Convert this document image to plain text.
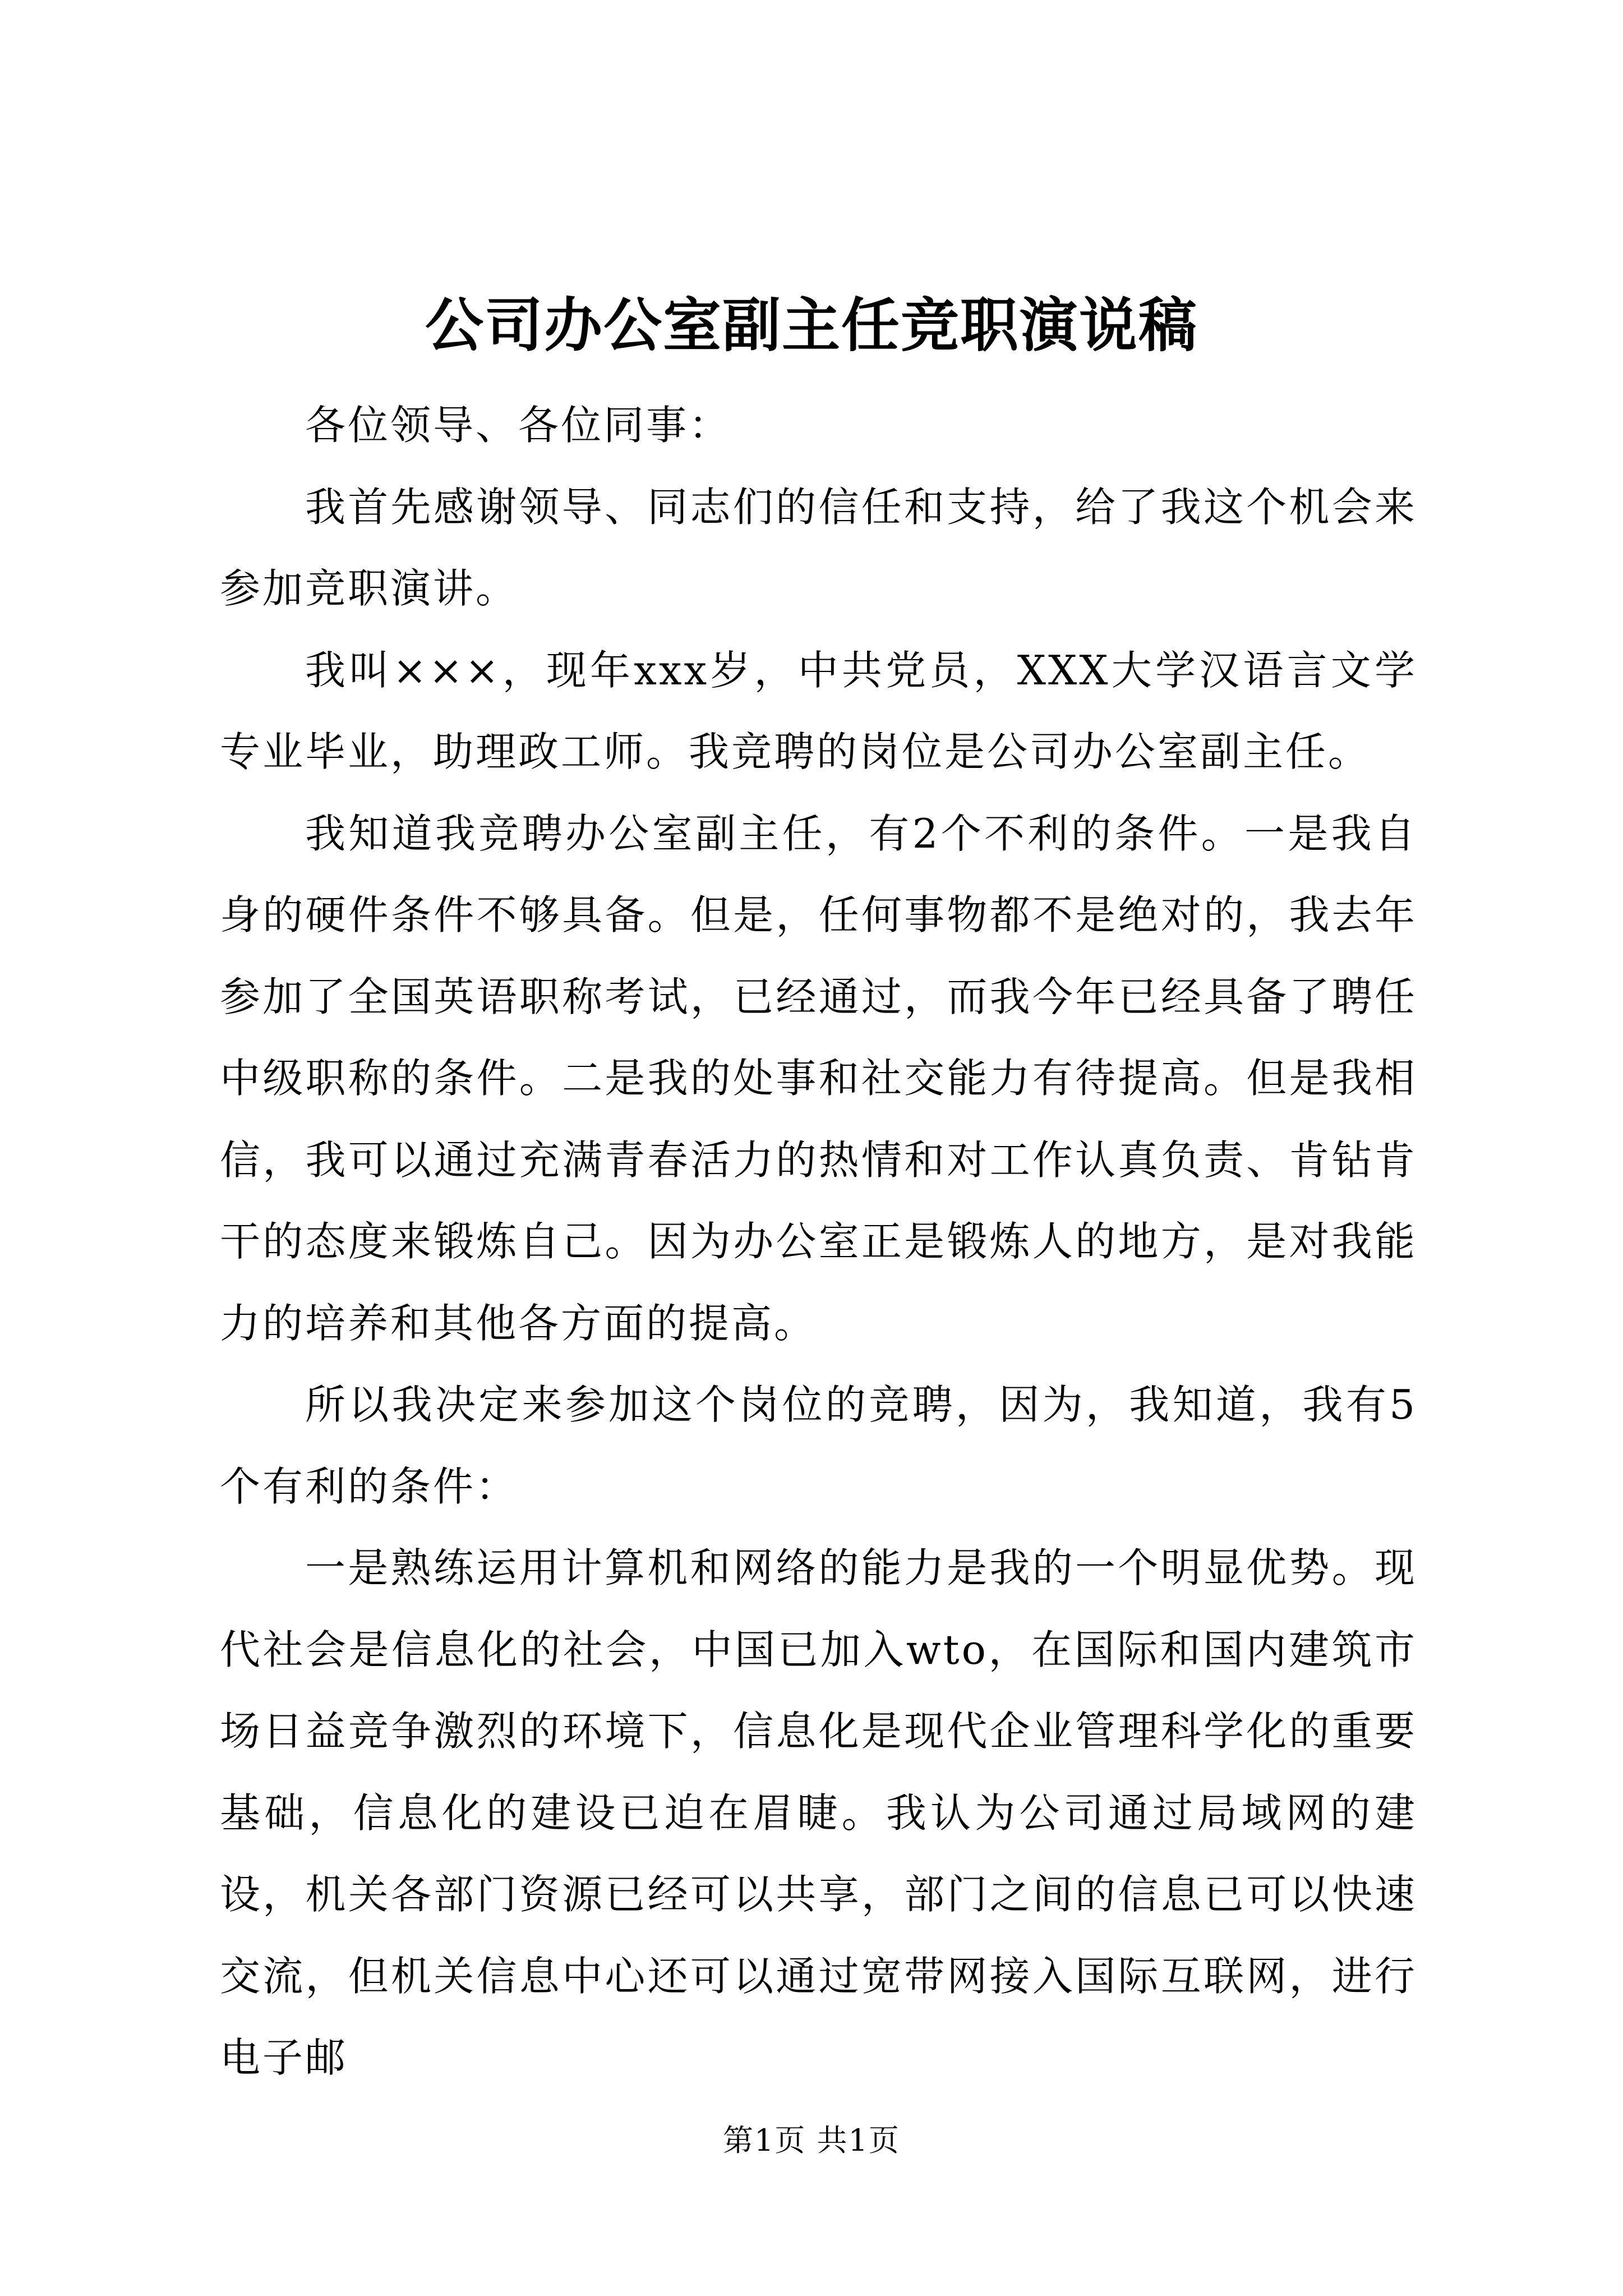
公司办公室副主任竞职演说稿

各位领导、各位同事：

我首先感谢领导、同志们的信任和支持，给了我这个机会来参加竞职演讲。

我叫×××，现年xxx岁，中共党员，XXX大学汉语言文学专业毕业，助理政工师。我竞聘的岗位是公司办公室副主任。

我知道我竞聘办公室副主任，有2个不利的条件。一是我自身的硬件条件不够具备。但是，任何事物都不是绝对的，我去年参加了全国英语职称考试，已经通过，而我今年已经具备了聘任中级职称的条件。二是我的处事和社交能力有待提高。但是我相信，我可以通过充满青春活力的热情和对工作认真负责、肯钻肯干的态度来锻炼自己。因为办公室正是锻炼人的地方，是对我能力的培养和其他各方面的提高。

所以我决定来参加这个岗位的竞聘，因为，我知道，我有5个有利的条件：

一是熟练运用计算机和网络的能力是我的一个明显优势。现代社会是信息化的社会，中国已加入wto，在国际和国内建筑市场日益竞争激烈的环境下，信息化是现代企业管理科学化的重要基础，信息化的建设已迫在眉睫。我认为公司通过局域网的建设，机关各部门资源已经可以共享，部门之间的信息已可以快速交流，但机关信息中心还可以通过宽带网接入国际互联网，进行电子邮

第1页 共1页
